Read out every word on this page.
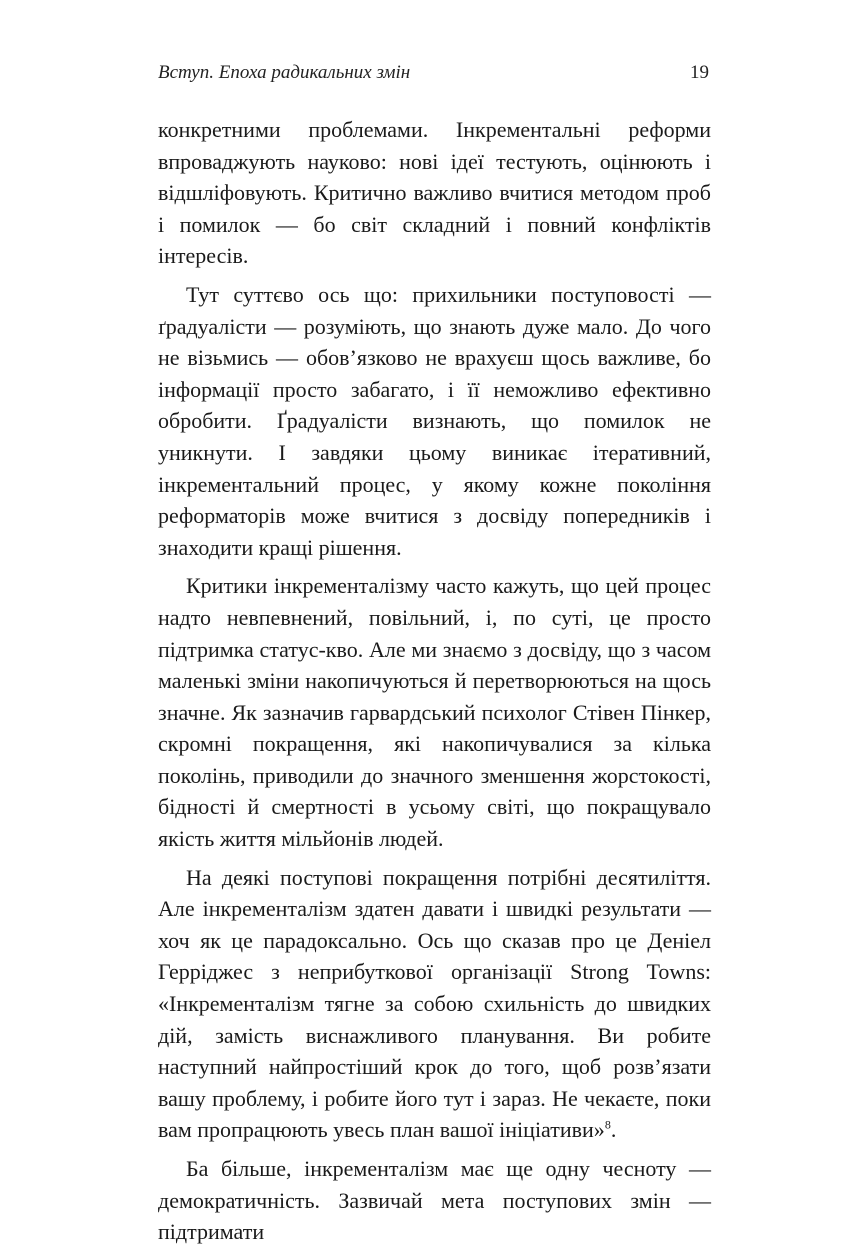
Вступ. Епоха радикальних змін	19

конкретними проблемами. Інкрементальні реформи впроваджують науково: нові ідеї тестують, оцінюють і відшліфовують. Критично важливо вчитися методом проб і помилок — бо світ складний і повний конфліктів інтересів.

Тут суттєво ось що: прихильники поступовості — ґрадуалісти — розуміють, що знають дуже мало. До чого не візьмись — обов’язково не врахуєш щось важливе, бо інформації просто забагато, і її неможливо ефективно обробити. Ґрадуалісти визнають, що помилок не уникнути. І завдяки цьому виникає ітеративний, інкрементальний процес, у якому кожне покоління реформаторів може вчитися з досвіду попередників і знаходити кращі рішення.

Критики інкременталізму часто кажуть, що цей процес надто невпевнений, повільний, і, по суті, це просто підтримка статус-кво. Але ми знаємо з досвіду, що з часом маленькі зміни накопичуються й перетворюються на щось значне. Як зазначив гарвардський психолог Стівен Пінкер, скромні покращення, які накопичувалися за кілька поколінь, приводили до значного зменшення жорстокості, бідності й смертності в усьому світі, що покращувало якість життя мільйонів людей.

На деякі поступові покращення потрібні десятиліття. Але інкременталізм здатен давати і швидкі результати — хоч як це парадоксально. Ось що сказав про це Деніел Герріджес з неприбуткової організації Strong Towns: «Інкременталізм тягне за собою схильність до швидких дій, замість виснажливого планування. Ви робите наступний найпростіший крок до того, щоб розв’язати вашу проблему, і робите його тут і зараз. Не чекаєте, поки вам пропрацюють увесь план вашої ініціативи»$^8$.

Ба більше, інкременталізм має ще одну чесноту — демократичність. Зазвичай мета поступових змін — підтримати
